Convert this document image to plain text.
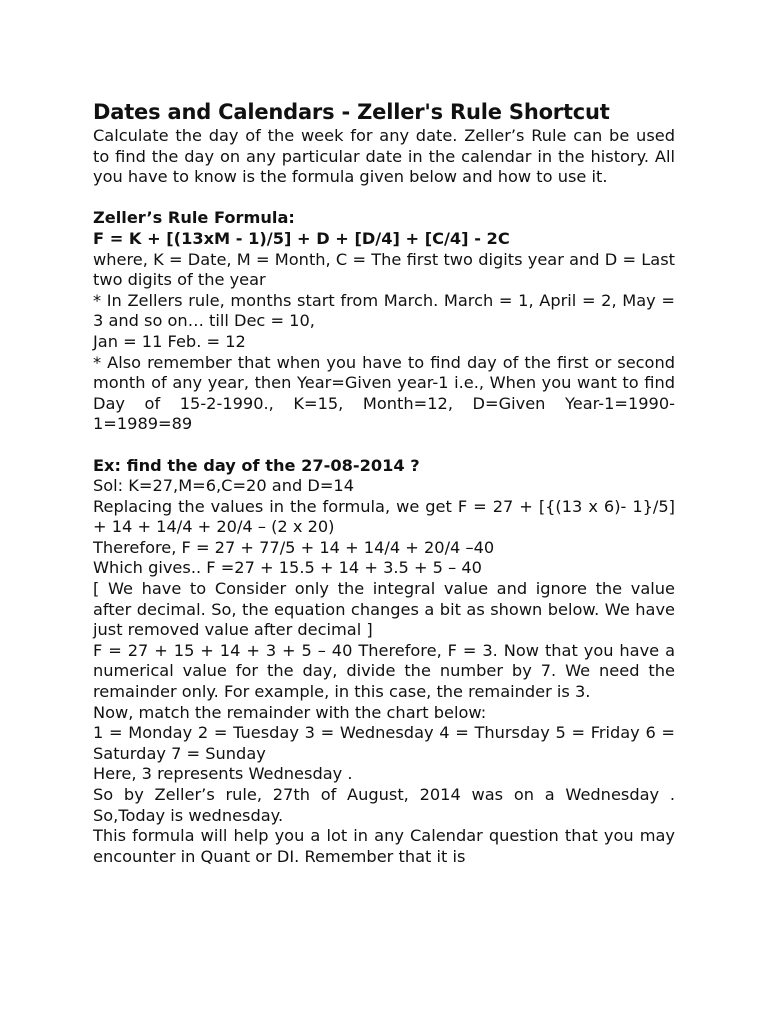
Dates and Calendars - Zeller's Rule Shortcut

Calculate the day of the week for any date. Zeller’s Rule can be used to find the day on any particular date in the calendar in the history. All you have to know is the formula given below and how to use it.

Zeller’s Rule Formula:

F = K + [(13xM - 1)/5] + D + [D/4] + [C/4] - 2C

where, K = Date, M = Month, C = The first two digits year and D = Last two digits of the year

* In Zellers rule, months start from March. March = 1, April = 2, May = 3 and so on… till Dec = 10,

Jan = 11 Feb. = 12

* Also remember that when you have to find day of the first or second month of any year, then Year=Given year-1 i.e., When you want to find Day of 15-2-1990., K=15, Month=12, D=Given Year-1=1990-1=1989=89

Ex: find the day of the 27-08-2014 ?

Sol: K=27,M=6,C=20 and D=14

Replacing the values in the formula, we get F = 27 + [{(13 x 6)- 1}/5] + 14 + 14/4 + 20/4 – (2 x 20)

Therefore, F = 27 + 77/5 + 14 + 14/4 + 20/4 –40

Which gives.. F =27 + 15.5 + 14 + 3.5 + 5 – 40

[ We have to Consider only the integral value and ignore the value after decimal. So, the equation changes a bit as shown below. We have just removed value after decimal ]

F = 27 + 15 + 14 + 3 + 5 – 40 Therefore, F = 3. Now that you have a numerical value for the day, divide the number by 7. We need the remainder only. For example, in this case, the remainder is 3.

Now, match the remainder with the chart below:

1 = Monday 2 = Tuesday 3 = Wednesday 4 = Thursday 5 = Friday 6 = Saturday 7 = Sunday

Here, 3 represents Wednesday .

So by Zeller’s rule, 27th of August, 2014 was on a Wednesday . So,Today is wednesday.

This formula will help you a lot in any Calendar question that you may encounter in Quant or DI. Remember that it is
